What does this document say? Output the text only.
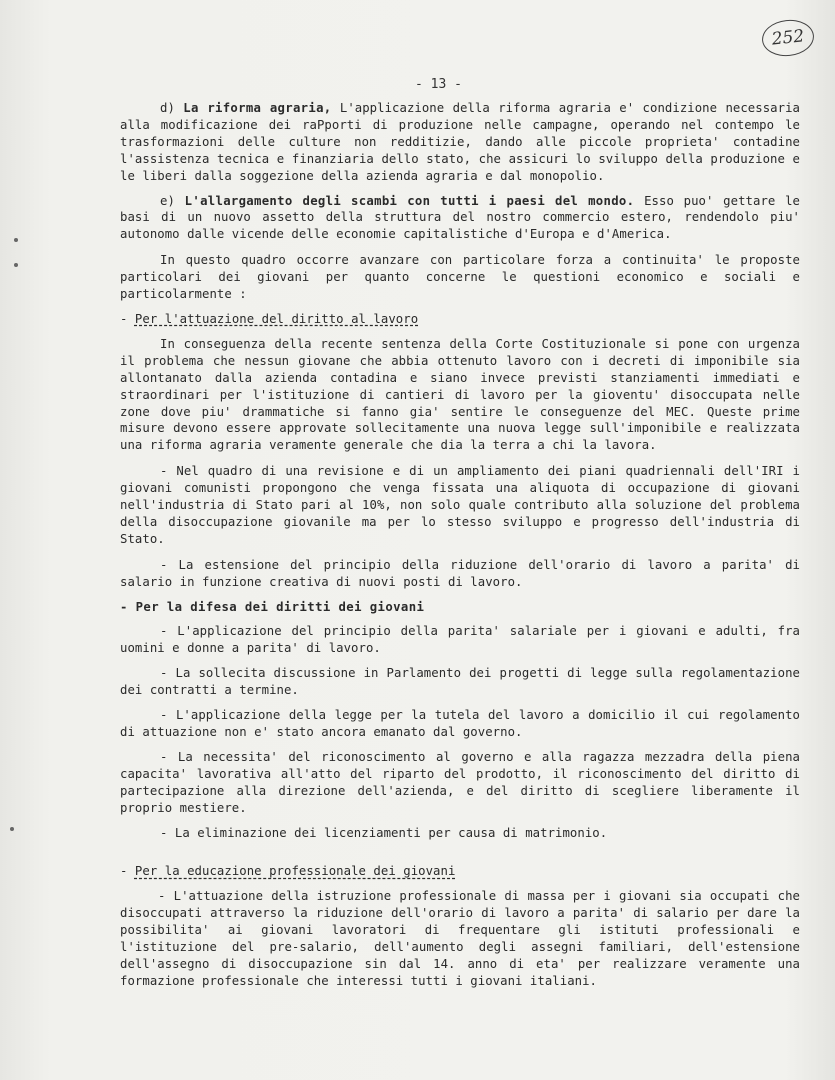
252
- 13 -

d) La riforma agraria, L'applicazione della riforma agraria e' condizione necessaria alla modificazione dei raPporti di produzione nelle campagne, operando nel contempo le trasformazioni delle culture non redditizie, dando alle piccole proprieta' contadine l'assistenza tecnica e finanziaria dello stato, che assicuri lo sviluppo della produzione e le liberi dalla soggezione della azienda agraria e dal monopolio.

e) L'allargamento degli scambi con tutti i paesi del mondo. Esso puo' gettare le basi di un nuovo assetto della struttura del nostro commercio estero, rendendolo piu' autonomo dalle vicende delle economie capitalistiche d'Europa e d'America.

In questo quadro occorre avanzare con particolare forza a continuita' le proposte particolari dei giovani per quanto concerne le questioni economico e sociali e particolarmente :

- Per l'attuazione del diritto al lavoro

In conseguenza della recente sentenza della Corte Costituzionale si pone con urgenza il problema che nessun giovane che abbia ottenuto lavoro con i decreti di imponibile sia allontanato dalla azienda contadina e siano invece previsti stanziamenti immediati e straordinari per l'istituzione di cantieri di lavoro per la gioventu' disoccupata nelle zone dove piu' drammatiche si fanno gia' sentire le conseguenze del MEC. Queste prime misure devono essere approvate sollecitamente una nuova legge sull'imponibile e realizzata una riforma agraria veramente generale che dia la terra a chi la lavora.

- Nel quadro di una revisione e di un ampliamento dei piani quadriennali dell'IRI i giovani comunisti propongono che venga fissata una aliquota di occupazione di giovani nell'industria di Stato pari al 10%, non solo quale contributo alla soluzione del problema della disoccupazione giovanile ma per lo stesso sviluppo e progresso dell'industria di Stato.

- La estensione del principio della riduzione dell'orario di lavoro a parita' di salario in funzione creativa di nuovi posti di lavoro.

- Per la difesa dei diritti dei giovani

- L'applicazione del principio della parita' salariale per i giovani e adulti, fra uomini e donne a parita' di lavoro.

- La sollecita discussione in Parlamento dei progetti di legge sulla regolamentazione dei contratti a termine.

- L'applicazione della legge per la tutela del lavoro a domicilio il cui regolamento di attuazione non e' stato ancora emanato dal governo.

- La necessita' del riconoscimento al governo e alla ragazza mezzadra della piena capacita' lavorativa all'atto del riparto del prodotto, il riconoscimento del diritto di partecipazione alla direzione dell'azienda, e del diritto di scegliere liberamente il proprio mestiere.

- La eliminazione dei licenziamenti per causa di matrimonio.

- Per la educazione professionale dei giovani

- L'attuazione della istruzione professionale di massa per i giovani sia occupati che disoccupati attraverso la riduzione dell'orario di lavoro a parita' di salario per dare la possibilita' ai giovani lavoratori di frequentare gli istituti professionali e l'istituzione del pre-salario, dell'aumento degli assegni familiari, dell'estensione dell'assegno di disoccupazione sin dal 14. anno di eta' per realizzare veramente una formazione professionale che interessi tutti i giovani italiani.
